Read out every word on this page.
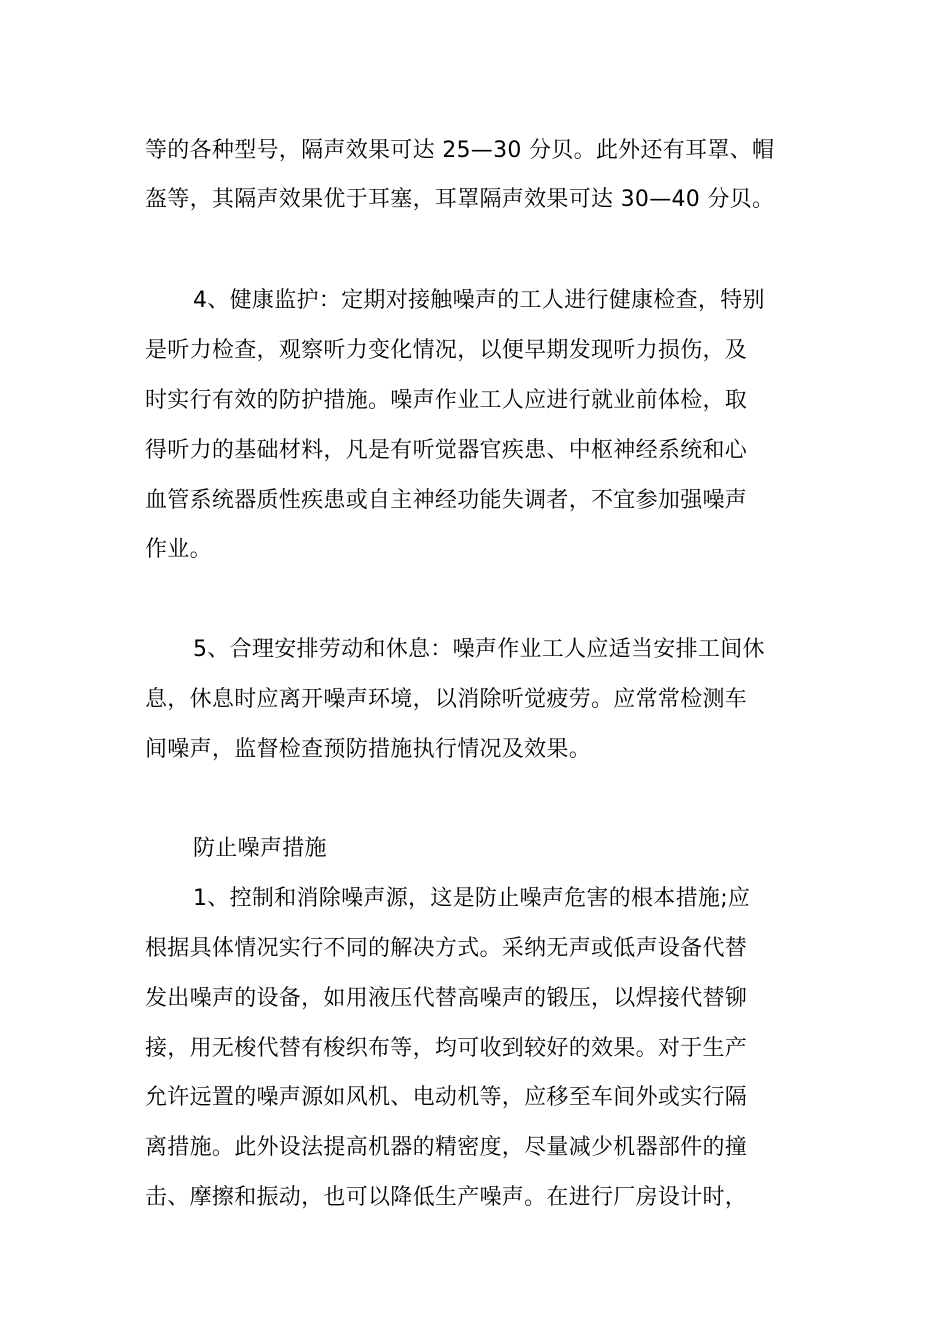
等的各种型号，隔声效果可达 25—30 分贝。此外还有耳罩、帽
盔等，其隔声效果优于耳塞，耳罩隔声效果可达 30—40 分贝。
4、健康监护：定期对接触噪声的工人进行健康检查，特别
是听力检查，观察听力变化情况，以便早期发现听力损伤，及
时实行有效的防护措施。噪声作业工人应进行就业前体检，取
得听力的基础材料，凡是有听觉器官疾患、中枢神经系统和心
血管系统器质性疾患或自主神经功能失调者，不宜参加强噪声
作业。
5、合理安排劳动和休息：噪声作业工人应适当安排工间休
息，休息时应离开噪声环境，以消除听觉疲劳。应常常检测车
间噪声，监督检查预防措施执行情况及效果。
防止噪声措施
1、控制和消除噪声源，这是防止噪声危害的根本措施;应
根据具体情况实行不同的解决方式。采纳无声或低声设备代替
发出噪声的设备，如用液压代替高噪声的锻压，以焊接代替铆
接，用无梭代替有梭织布等，均可收到较好的效果。对于生产
允许远置的噪声源如风机、电动机等，应移至车间外或实行隔
离措施。此外设法提高机器的精密度，尽量减少机器部件的撞
击、摩擦和振动，也可以降低生产噪声。在进行厂房设计时，
